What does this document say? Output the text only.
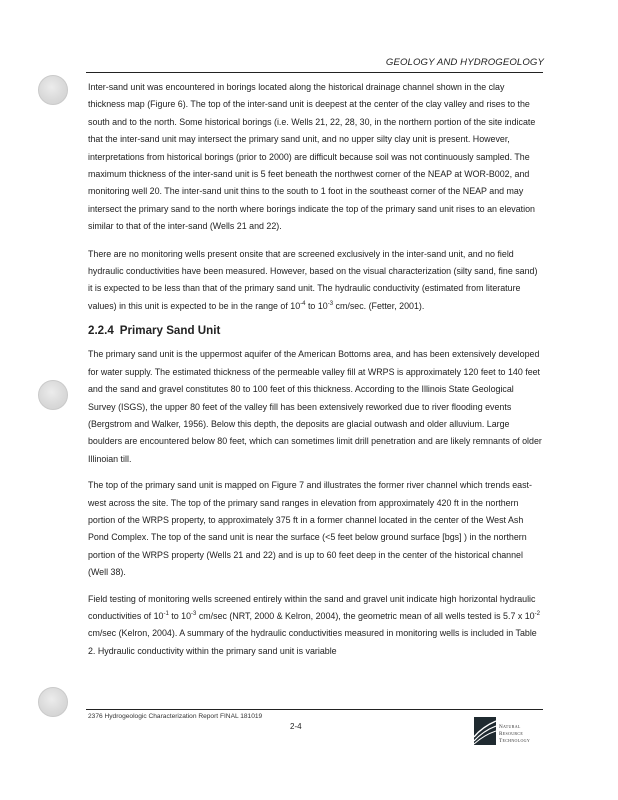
GEOLOGY AND HYDROGEOLOGY

Inter-sand unit was encountered in borings located along the historical drainage channel shown in the clay thickness map (Figure 6). The top of the inter-sand unit is deepest at the center of the clay valley and rises to the south and to the north. Some historical borings (i.e. Wells 21, 22, 28, 30, in the northern portion of the site indicate that the inter-sand unit may intersect the primary sand unit, and no upper silty clay unit is present. However, interpretations from historical borings (prior to 2000) are difficult because soil was not continuously sampled. The maximum thickness of the inter-sand unit is 5 feet beneath the northwest corner of the NEAP at WOR-B002, and monitoring well 20. The inter-sand unit thins to the south to 1 foot in the southeast corner of the NEAP and may intersect the primary sand to the north where borings indicate the top of the primary sand unit rises to an elevation similar to that of the inter-sand (Wells 21 and 22).

There are no monitoring wells present onsite that are screened exclusively in the inter-sand unit, and no field hydraulic conductivities have been measured. However, based on the visual characterization (silty sand, fine sand) it is expected to be less than that of the primary sand unit. The hydraulic conductivity (estimated from literature values) in this unit is expected to be in the range of $10^{-4}$ to $10^{-3}$ cm/sec. (Fetter, 2001).

2.2.4 Primary Sand Unit

The primary sand unit is the uppermost aquifer of the American Bottoms area, and has been extensively developed for water supply. The estimated thickness of the permeable valley fill at WRPS is approximately 120 feet to 140 feet and the sand and gravel constitutes 80 to 100 feet of this thickness. According to the Illinois State Geological Survey (ISGS), the upper 80 feet of the valley fill has been extensively reworked due to river flooding events (Bergstrom and Walker, 1956). Below this depth, the deposits are glacial outwash and older alluvium. Large boulders are encountered below 80 feet, which can sometimes limit drill penetration and are likely remnants of older Illinoian till.

The top of the primary sand unit is mapped on Figure 7 and illustrates the former river channel which trends east-west across the site. The top of the primary sand ranges in elevation from approximately 420 ft in the northern portion of the WRPS property, to approximately 375 ft in a former channel located in the center of the West Ash Pond Complex. The top of the sand unit is near the surface (<5 feet below ground surface [bgs] ) in the northern portion of the WRPS property (Wells 21 and 22) and is up to 60 feet deep in the center of the historical channel (Well 38).

Field testing of monitoring wells screened entirely within the sand and gravel unit indicate high horizontal hydraulic conductivities of $10^{-1}$ to $10^{-3}$ cm/sec (NRT, 2000 & Kelron, 2004), the geometric mean of all wells tested is 5.7 x $10^{-2}$ cm/sec (Kelron, 2004). A summary of the hydraulic conductivities measured in monitoring wells is included in Table 2. Hydraulic conductivity within the primary sand unit is variable

2376 Hydrogeologic Characterization Report FINAL 181019
2-4	Natural
Resource
Technology
